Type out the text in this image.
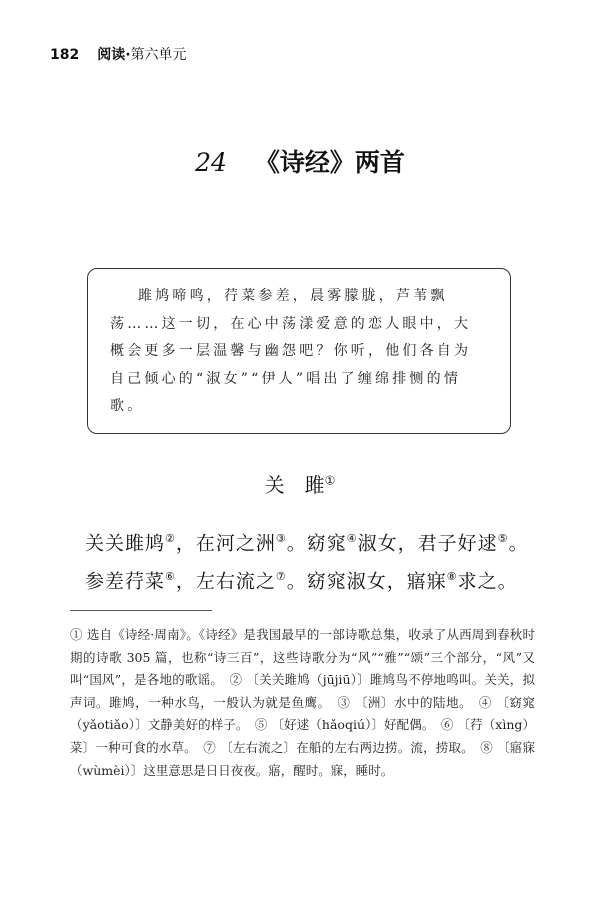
182 阅读·第六单元
24 《诗经》两首
雎鸠啼鸣，荇菜参差，晨雾朦胧，芦苇飘荡……这一切，在心中荡漾爱意的恋人眼中，大概会更多一层温馨与幽怨吧？你听，他们各自为自己倾心的“淑女”“伊人”唱出了缠绵排恻的情歌。
关　雎①
关关雎鸠②，在河之洲③。窈窕④淑女，君子好逑⑤。
参差荇菜⑥，左右流之⑦。窈窕淑女，寤寐⑧求之。
① 选自《诗经·周南》。《诗经》是我国最早的一部诗歌总集，收录了从西周到春秋时期的诗歌 305 篇，也称“诗三百”，这些诗歌分为“风”“雅”“颂”三个部分，“风”又叫“国风”，是各地的歌谣。　② 〔关关雎鸠（jūjiū）〕雎鸠鸟不停地鸣叫。关关，拟声词。雎鸠，一种水鸟，一般认为就是鱼鹰。　③ 〔洲〕水中的陆地。　④ 〔窈窕（yǎotiǎo）〕文静美好的样子。　⑤ 〔好逑（hǎoqiú）〕好配偶。　⑥ 〔荇（xìng）菜〕一种可食的水草。　⑦ 〔左右流之〕在船的左右两边捞。流，捞取。　⑧ 〔寤寐（wùmèi）〕这里意思是日日夜夜。寤，醒时。寐，睡时。
